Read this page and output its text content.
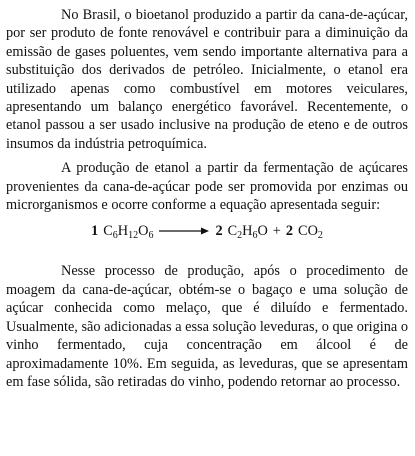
No Brasil, o bioetanol produzido a partir da cana-de-açúcar, por ser produto de fonte renovável e contribuir para a diminuição da emissão de gases poluentes, vem sendo importante alternativa para a substituição dos derivados de petróleo. Inicialmente, o etanol era utilizado apenas como combustível em motores veiculares, apresentando um balanço energético favorável. Recentemente, o etanol passou a ser usado inclusive na produção de eteno e de outros insumos da indústria petroquímica.

A produção de etanol a partir da fermentação de açúcares provenientes da cana-de-açúcar pode ser promovida por enzimas ou microrganismos e ocorre conforme a equação apresentada seguir:

1 $C_6H_{12}O_6 \to 2$ $C_2H_6O + 2$ $CO_2$

Nesse processo de produção, após o procedimento de moagem da cana-de-açúcar, obtém-se o bagaço e uma solução de açúcar conhecida como melaço, que é diluído e fermentado. Usualmente, são adicionadas a essa solução leveduras, o que origina o vinho fermentado, cuja concentração em álcool é de aproximadamente 10%. Em seguida, as leveduras, que se apresentam em fase sólida, são retiradas do vinho, podendo retornar ao processo.
